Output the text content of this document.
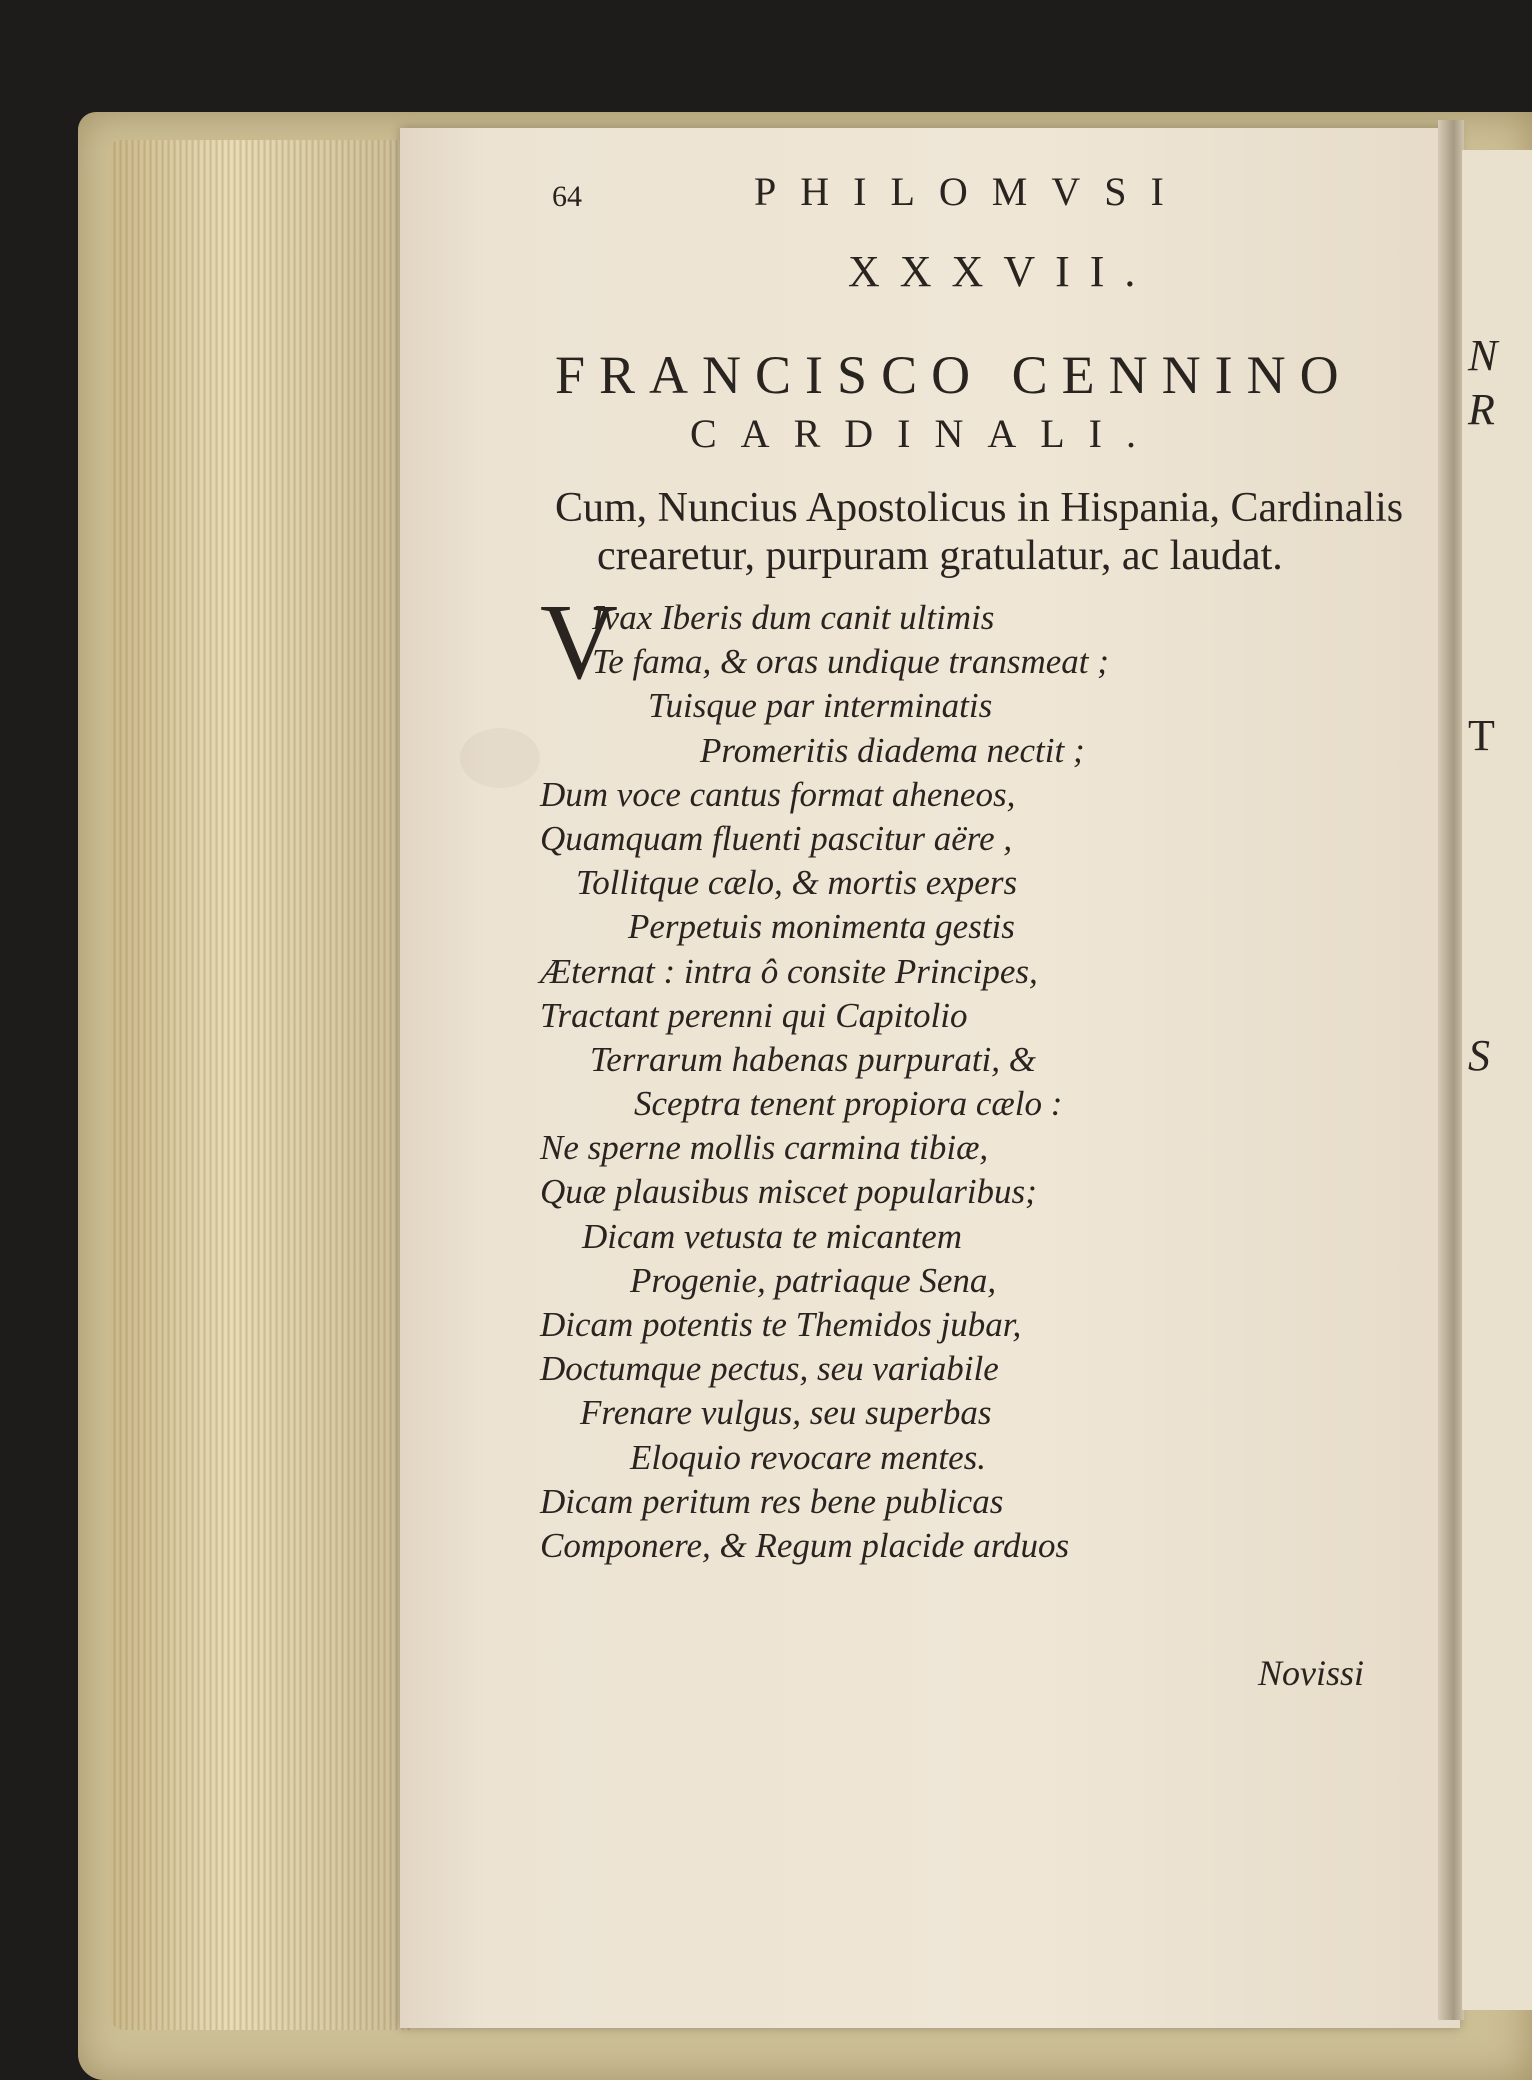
64	PHILOMVSI
XXXVII.
FRANCISCO CENNINO
CARDINALI.
Cum, Nuncius Apostolicus in Hispania, Cardinalis
crearetur, purpuram gratulatur, ac laudat.
V
Ivax Iberis dum canit ultimis
Te fama, & oras undique transmeat ;
Tuisque par interminatis
Promeritis diadema nectit ;
Dum voce cantus format aheneos,
Quamquam fluenti pascitur aëre ,
Tollitque cælo, & mortis expers
Perpetuis monimenta gestis
Æternat : intra ô consite Principes,
Tractant perenni qui Capitolio
Terrarum habenas purpurati, &
Sceptra tenent propiora cælo :
Ne sperne mollis carmina tibiæ,
Quæ plausibus miscet popularibus;
Dicam vetusta te micantem
Progenie, patriaque Sena,
Dicam potentis te Themidos jubar,
Doctumque pectus, seu variabile
Frenare vulgus, seu superbas
Eloquio revocare mentes.
Dicam peritum res bene publicas
Componere, & Regum placide arduos
Novissi
N
R
T
S
